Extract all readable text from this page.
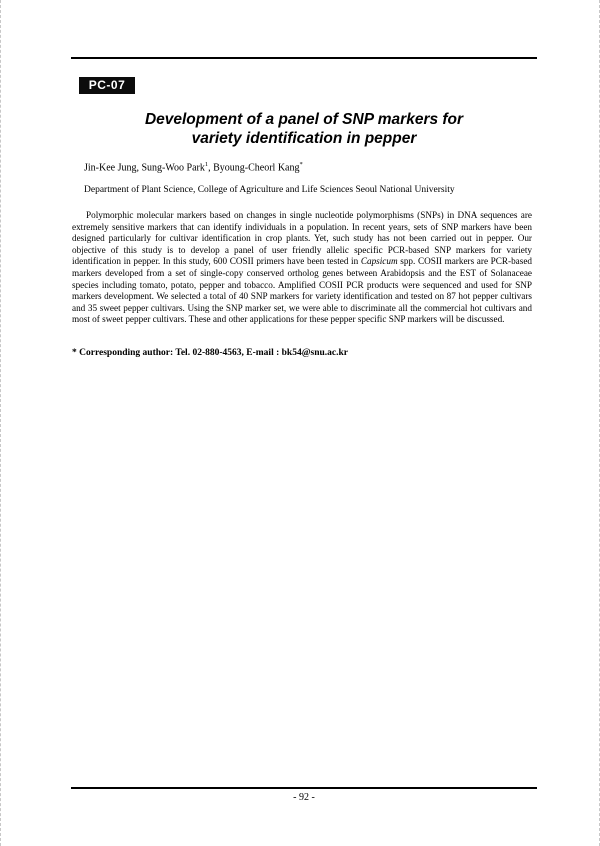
PC-07
Development of a panel of SNP markers for
variety identification in pepper
Jin-Kee Jung, Sung-Woo Park$^1$, Byoung-Cheorl Kang*
Department of Plant Science, College of Agriculture and Life Sciences Seoul National University
Polymorphic molecular markers based on changes in single nucleotide polymorphisms (SNPs) in DNA sequences are extremely sensitive markers that can identify individuals in a population. In recent years, sets of SNP markers have been designed particularly for cultivar identification in crop plants. Yet, such study has not been carried out in pepper. Our objective of this study is to develop a panel of user friendly allelic specific PCR-based SNP markers for variety identification in pepper. In this study, 600 COSII primers have been tested in Capsicum spp. COSII markers are PCR-based markers developed from a set of single-copy conserved ortholog genes between Arabidopsis and the EST of Solanaceae species including tomato, potato, pepper and tobacco. Amplified COSII PCR products were sequenced and used for SNP markers development. We selected a total of 40 SNP markers for variety identification and tested on 87 hot pepper cultivars and 35 sweet pepper cultivars. Using the SNP marker set, we were able to discriminate all the commercial hot cultivars and most of sweet pepper cultivars. These and other applications for these pepper specific SNP markers will be discussed.
* Corresponding author: Tel. 02-880-4563, E-mail : bk54@snu.ac.kr
- 92 -
